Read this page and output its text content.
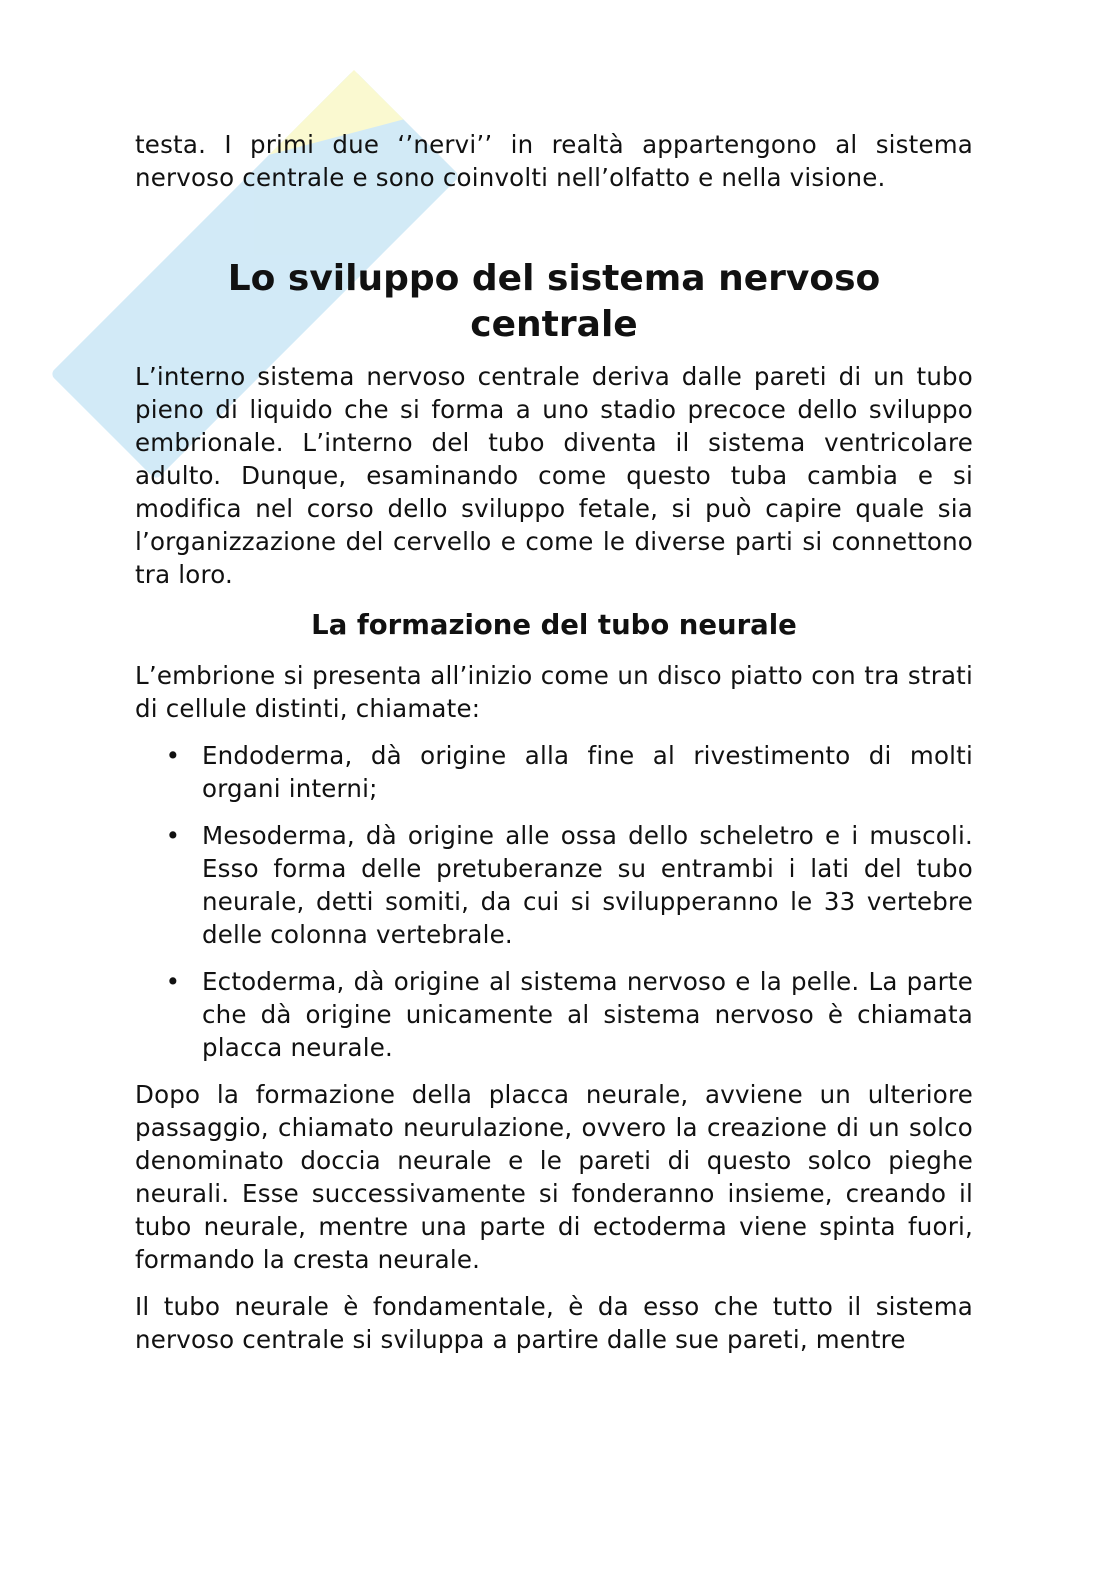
testa. I primi due ‘’nervi’’ in realtà appartengono al sistema nervoso centrale e sono coinvolti nell’olfatto e nella visione.

Lo sviluppo del sistema nervoso centrale

L’interno sistema nervoso centrale deriva dalle pareti di un tubo pieno di liquido che si forma a uno stadio precoce dello sviluppo embrionale. L’interno del tubo diventa il sistema ventricolare adulto. Dunque, esaminando come questo tuba cambia e si modifica nel corso dello sviluppo fetale, si può capire quale sia l’organizzazione del cervello e come le diverse parti si connettono tra loro.

La formazione del tubo neurale

L’embrione si presenta all’inizio come un disco piatto con tra strati di cellule distinti, chiamate:

• Endoderma, dà origine alla fine al rivestimento di molti organi interni;
• Mesoderma, dà origine alle ossa dello scheletro e i muscoli. Esso forma delle pretuberanze su entrambi i lati del tubo neurale, detti somiti, da cui si svilupperanno le 33 vertebre delle colonna vertebrale.
• Ectoderma, dà origine al sistema nervoso e la pelle. La parte che dà origine unicamente al sistema nervoso è chiamata placca neurale.

Dopo la formazione della placca neurale, avviene un ulteriore passaggio, chiamato neurulazione, ovvero la creazione di un solco denominato doccia neurale e le pareti di questo solco pieghe neurali. Esse successivamente si fonderanno insieme, creando il tubo neurale, mentre una parte di ectoderma viene spinta fuori, formando la cresta neurale.

Il tubo neurale è fondamentale, è da esso che tutto il sistema nervoso centrale si sviluppa a partire dalle sue pareti, mentre
